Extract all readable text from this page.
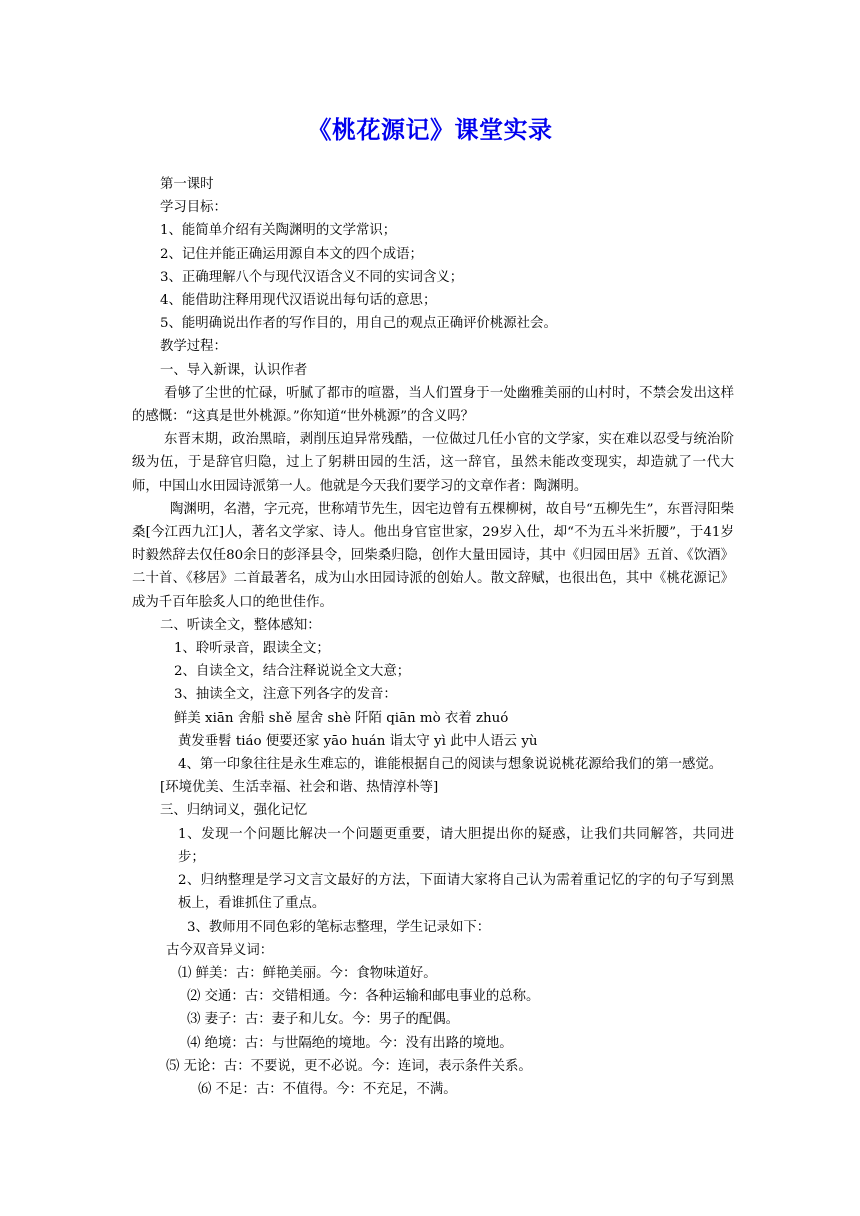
《桃花源记》课堂实录

第一课时

学习目标：

1、能简单介绍有关陶渊明的文学常识；

2、记住并能正确运用源自本文的四个成语；

3、正确理解八个与现代汉语含义不同的实词含义；

4、能借助注释用现代汉语说出每句话的意思；

5、能明确说出作者的写作目的，用自己的观点正确评价桃源社会。

教学过程：

一、导入新课，认识作者

看够了尘世的忙碌，听腻了都市的喧嚣，当人们置身于一处幽雅美丽的山村时，不禁会发出这样的感慨：“这真是世外桃源。”你知道“世外桃源”的含义吗？

东晋末期，政治黑暗，剥削压迫异常残酷，一位做过几任小官的文学家，实在难以忍受与统治阶级为伍，于是辞官归隐，过上了躬耕田园的生活，这一辞官，虽然未能改变现实，却造就了一代大师，中国山水田园诗派第一人。他就是今天我们要学习的文章作者：陶渊明。

陶渊明，名潜，字元亮，世称靖节先生，因宅边曾有五棵柳树，故自号“五柳先生”，东晋浔阳柴桑[今江西九江]人，著名文学家、诗人。他出身官宦世家，29岁入仕，却“不为五斗米折腰”，于41岁时毅然辞去仅任80余日的彭泽县令，回柴桑归隐，创作大量田园诗，其中《归园田居》五首、《饮酒》二十首、《移居》二首最著名，成为山水田园诗派的创始人。散文辞赋，也很出色，其中《桃花源记》成为千百年脍炙人口的绝世佳作。

二、听读全文，整体感知：

1、聆听录音，跟读全文；

2、自读全文，结合注释说说全文大意；

3、抽读全文，注意下列各字的发音：

鲜美 xiān 舍船 shě 屋舍 shè 阡陌 qiān mò 衣着 zhuó

黄发垂髫 tiáo 便要还家 yāo huán 诣太守 yì 此中人语云 yù

4、第一印象往往是永生难忘的，谁能根据自己的阅读与想象说说桃花源给我们的第一感觉。

[环境优美、生活幸福、社会和谐、热情淳朴等]

三、归纳词义，强化记忆

1、发现一个问题比解决一个问题更重要，请大胆提出你的疑惑，让我们共同解答，共同进步；

2、归纳整理是学习文言文最好的方法，下面请大家将自己认为需着重记忆的字的句子写到黑板上，看谁抓住了重点。

3、教师用不同色彩的笔标志整理，学生记录如下：

古今双音异义词：

⑴ 鲜美：古：鲜艳美丽。今：食物味道好。

⑵ 交通：古：交错相通。今：各种运输和邮电事业的总称。

⑶ 妻子：古：妻子和儿女。今：男子的配偶。

⑷ 绝境：古：与世隔绝的境地。今：没有出路的境地。

⑸ 无论：古：不要说，更不必说。今：连词，表示条件关系。

⑹ 不足：古：不值得。今：不充足，不满。
